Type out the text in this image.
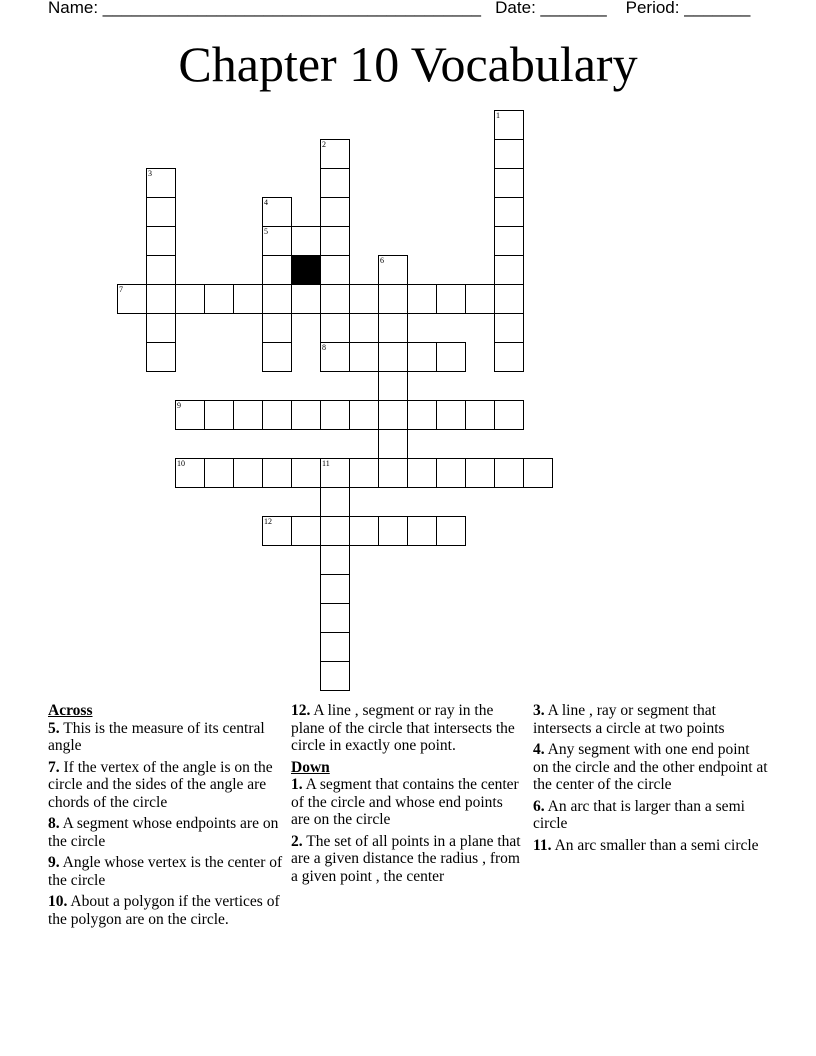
Name: ________________________________________ Date: _______ Period: _______
Chapter 10 Vocabulary
1
2
3
4
5
6
7
8
9
10	11
12
Across
5. This is the measure of its central angle
7. If the vertex of the angle is on the circle and the sides of the angle are chords of the circle
8. A segment whose endpoints are on the circle
9. Angle whose vertex is the center of the circle
10. About a polygon if the vertices of the polygon are on the circle.
12. A line , segment or ray in the plane of the circle that intersects the circle in exactly one point.
Down
1. A segment that contains the center of the circle and whose end points are on the circle
2. The set of all points in a plane that are a given distance the radius , from a given point , the center
3. A line , ray or segment that intersects a circle at two points
4. Any segment with one end point on the circle and the other endpoint at the center of the circle
6. An arc that is larger than a semi circle
11. An arc smaller than a semi circle
